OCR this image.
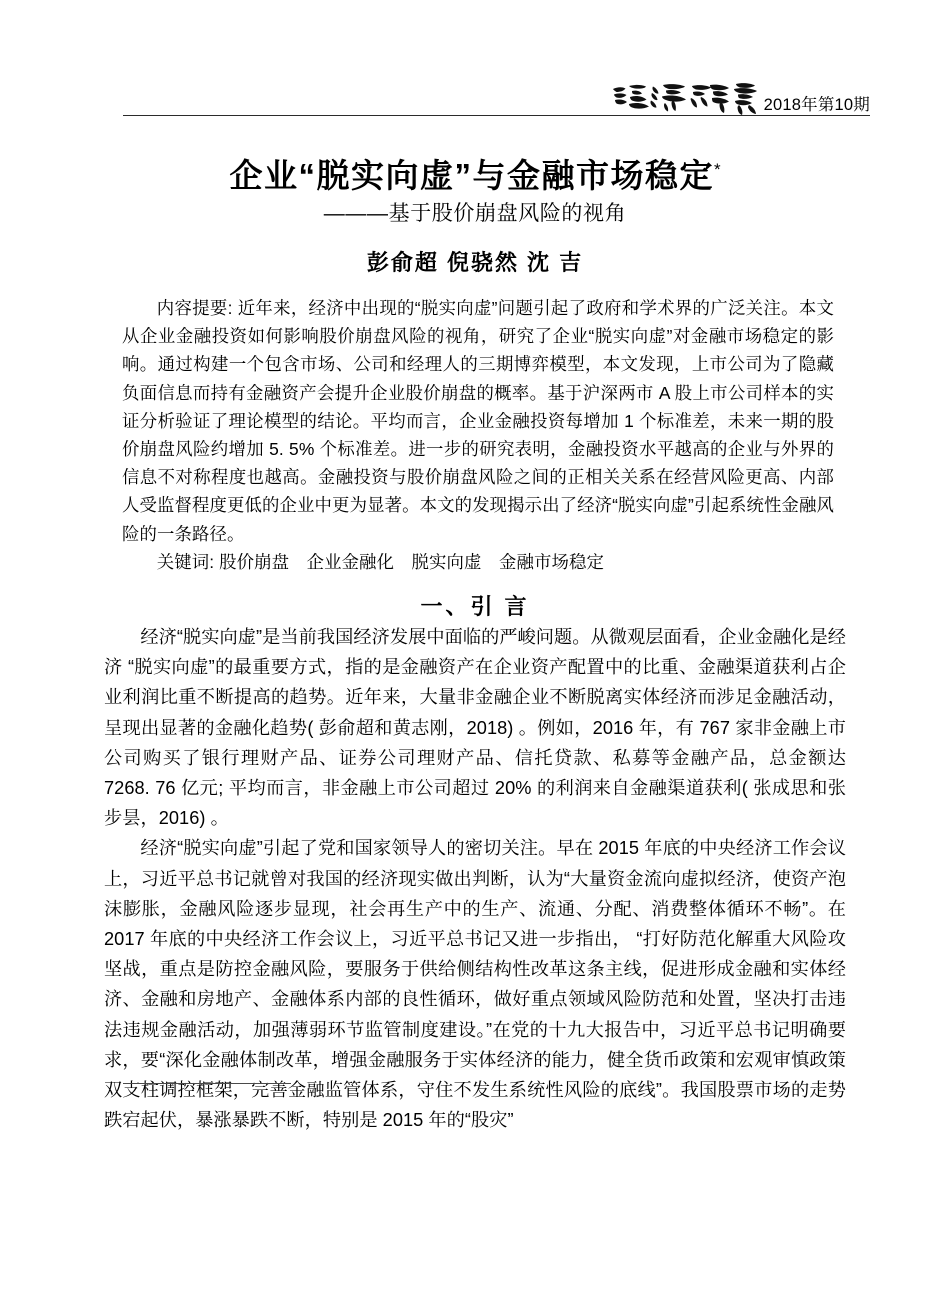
2018年第10期
企业“脱实向虚”与金融市场稳定*
———基于股价崩盘风险的视角
彭俞超 倪骁然 沈 吉

内容提要: 近年来，经济中出现的“脱实向虚”问题引起了政府和学术界的广泛关注。本文从企业金融投资如何影响股价崩盘风险的视角，研究了企业“脱实向虚”对金融市场稳定的影响。通过构建一个包含市场、公司和经理人的三期博弈模型，本文发现，上市公司为了隐藏负面信息而持有金融资产会提升企业股价崩盘的概率。基于沪深两市 A 股上市公司样本的实证分析验证了理论模型的结论。平均而言，企业金融投资每增加 1 个标准差，未来一期的股价崩盘风险约增加 5. 5% 个标准差。进一步的研究表明，金融投资水平越高的企业与外界的信息不对称程度也越高。金融投资与股价崩盘风险之间的正相关关系在经营风险更高、内部人受监督程度更低的企业中更为显著。本文的发现揭示出了经济“脱实向虚”引起系统性金融风险的一条路径。

关键词: 股价崩盘　企业金融化　脱实向虚　金融市场稳定

一、引 言

经济“脱实向虚”是当前我国经济发展中面临的严峻问题。从微观层面看，企业金融化是经济 “脱实向虚”的最重要方式，指的是金融资产在企业资产配置中的比重、金融渠道获利占企业利润比重不断提高的趋势。近年来，大量非金融企业不断脱离实体经济而涉足金融活动，呈现出显著的金融化趋势( 彭俞超和黄志刚，2018) 。例如，2016 年，有 767 家非金融上市公司购买了银行理财产品、证券公司理财产品、信托贷款、私募等金融产品，总金额达 7268. 76 亿元; 平均而言，非金融上市公司超过 20% 的利润来自金融渠道获利( 张成思和张步昙，2016) 。

经济“脱实向虚”引起了党和国家领导人的密切关注。早在 2015 年底的中央经济工作会议上，习近平总书记就曾对我国的经济现实做出判断，认为“大量资金流向虚拟经济，使资产泡沫膨胀，金融风险逐步显现，社会再生产中的生产、流通、分配、消费整体循环不畅”。在 2017 年底的中央经济工作会议上，习近平总书记又进一步指出， “打好防范化解重大风险攻坚战，重点是防控金融风险，要服务于供给侧结构性改革这条主线，促进形成金融和实体经济、金融和房地产、金融体系内部的良性循环，做好重点领域风险防范和处置，坚决打击违法违规金融活动，加强薄弱环节监管制度建设。”在党的十九大报告中，习近平总书记明确要求，要“深化金融体制改革，增强金融服务于实体经济的能力，健全货币政策和宏观审慎政策双支柱调控框架，完善金融监管体系，守住不发生系统性风险的底线”。我国股票市场的走势跌宕起伏，暴涨暴跌不断，特别是 2015 年的“股灾”
